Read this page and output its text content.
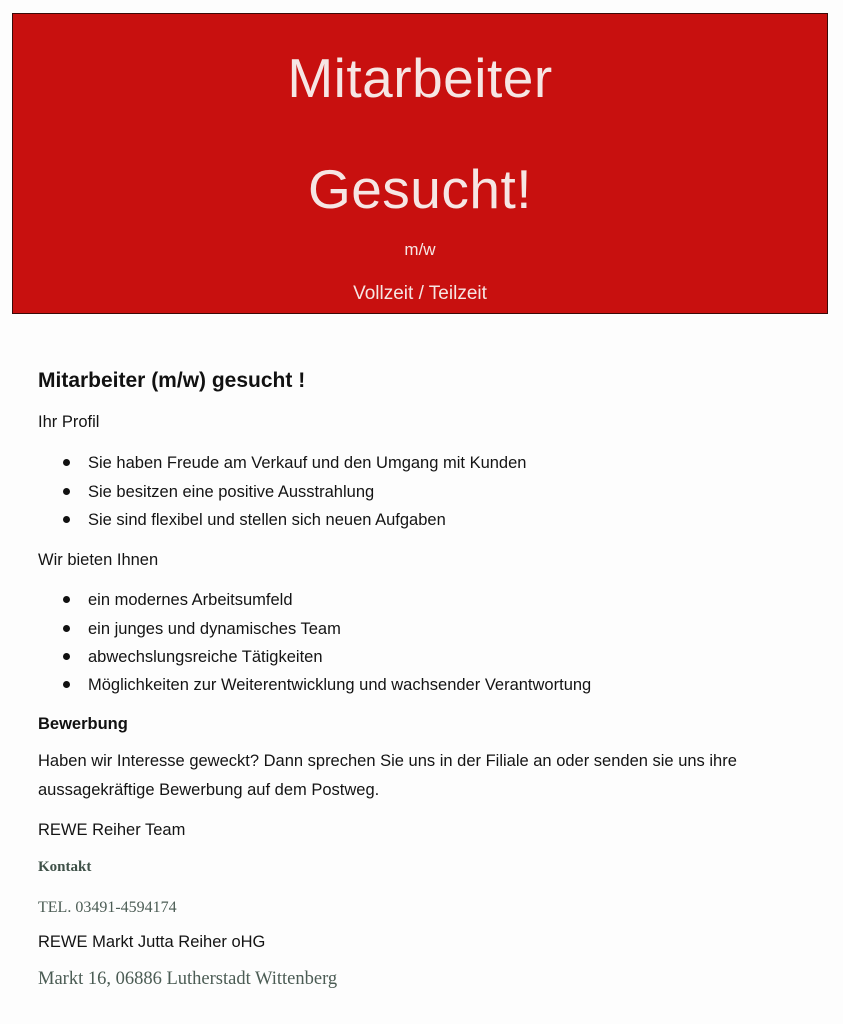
Mitarbeiter
Gesucht!
m/w
Vollzeit / Teilzeit
Mitarbeiter (m/w) gesucht !
Ihr Profil
Sie haben Freude am Verkauf und den Umgang mit Kunden
Sie besitzen eine positive Ausstrahlung
Sie sind flexibel und stellen sich neuen Aufgaben
Wir bieten Ihnen
ein modernes Arbeitsumfeld
ein junges und dynamisches Team
abwechslungsreiche Tätigkeiten
Möglichkeiten zur Weiterentwicklung und wachsender Verantwortung
Bewerbung
Haben wir Interesse geweckt? Dann sprechen Sie uns in der Filiale an oder senden sie uns ihre aussagekräftige Bewerbung auf dem Postweg.
REWE Reiher Team
Kontakt
TEL. 03491-4594174
REWE Markt Jutta Reiher oHG
Markt 16, 06886 Lutherstadt Wittenberg
